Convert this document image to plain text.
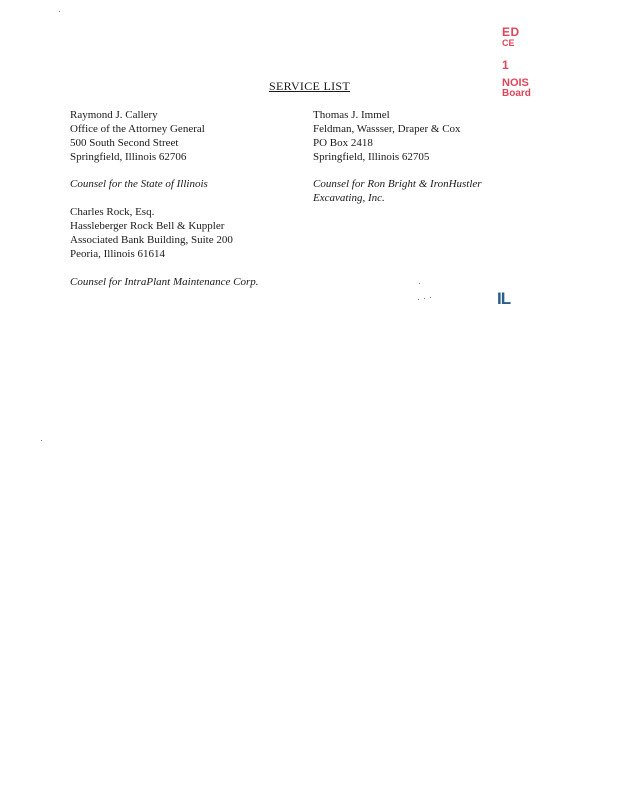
SERVICE LIST
Raymond J. Callery
Office of the Attorney General
500 South Second Street
Springfield, Illinois 62706
Counsel for the State of Illinois
Charles Rock, Esq.
Hassleberger Rock Bell & Kuppler
Associated Bank Building, Suite 200
Peoria, Illinois 61614
Counsel for IntraPlant Maintenance Corp.
Thomas J. Immel
Feldman, Wassser, Draper & Cox
PO Box 2418
Springfield, Illinois 62705
Counsel for Ron Bright & IronHustler
Excavating, Inc.
ED
CE
1
NOIS
Board
IL
